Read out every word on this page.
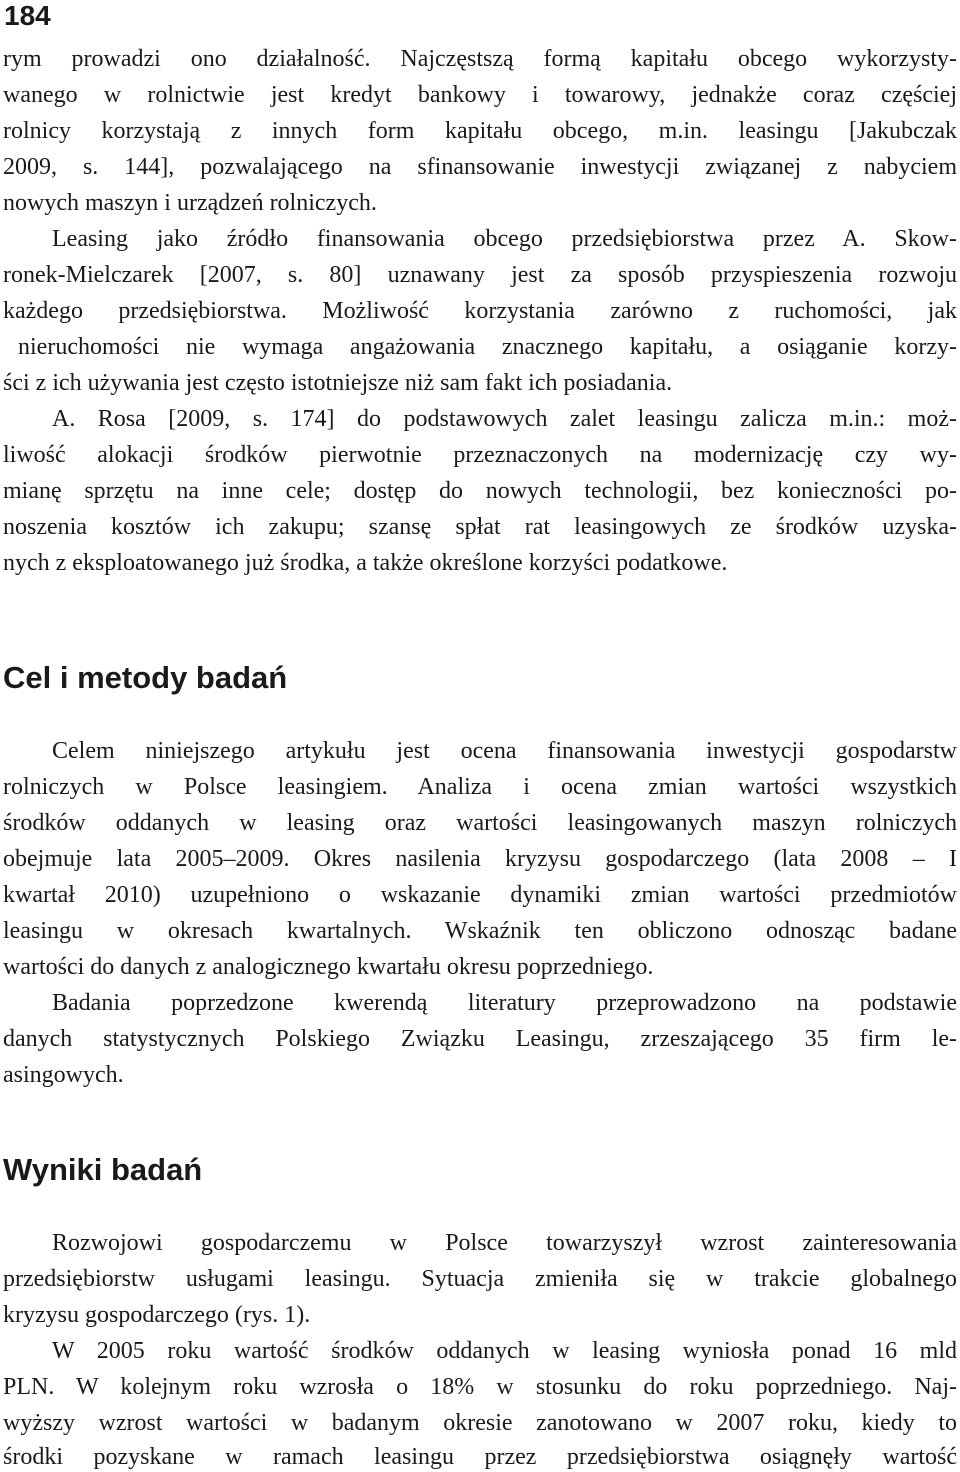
184
rym prowadzi ono działalność. Najczęstszą formą kapitału obcego wykorzysty-
wanego w rolnictwie jest kredyt bankowy i towarowy, jednakże coraz częściej
rolnicy korzystają z innych form kapitału obcego, m.in. leasingu [Jakubczak
2009, s. 144], pozwalającego na sfinansowanie inwestycji związanej z nabyciem
nowych maszyn i urządzeń rolniczych.
Leasing jako źródło finansowania obcego przedsiębiorstwa przez A. Skow-
ronek-Mielczarek [2007, s. 80] uznawany jest za sposób przyspieszenia rozwoju
każdego przedsiębiorstwa. Możliwość korzystania zarówno z ruchomości, jak
nieruchomości nie wymaga angażowania znacznego kapitału, a osiąganie korzy-
ści z ich używania jest często istotniejsze niż sam fakt ich posiadania.
A. Rosa [2009, s. 174] do podstawowych zalet leasingu zalicza m.in.: moż-
liwość alokacji środków pierwotnie przeznaczonych na modernizację czy wy-
mianę sprzętu na inne cele; dostęp do nowych technologii, bez konieczności po-
noszenia kosztów ich zakupu; szansę spłat rat leasingowych ze środków uzyska-
nych z eksploatowanego już środka, a także określone korzyści podatkowe.
Cel i metody badań
Celem niniejszego artykułu jest ocena finansowania inwestycji gospodarstw
rolniczych w Polsce leasingiem. Analiza i ocena zmian wartości wszystkich
środków oddanych w leasing oraz wartości leasingowanych maszyn rolniczych
obejmuje lata 2005–2009. Okres nasilenia kryzysu gospodarczego (lata 2008 – I
kwartał 2010) uzupełniono o wskazanie dynamiki zmian wartości przedmiotów
leasingu w okresach kwartalnych. Wskaźnik ten obliczono odnosząc badane
wartości do danych z analogicznego kwartału okresu poprzedniego.
Badania poprzedzone kwerendą literatury przeprowadzono na podstawie
danych statystycznych Polskiego Związku Leasingu, zrzeszającego 35 firm le-
asingowych.
Wyniki badań
Rozwojowi gospodarczemu w Polsce towarzyszył wzrost zainteresowania
przedsiębiorstw usługami leasingu. Sytuacja zmieniła się w trakcie globalnego
kryzysu gospodarczego (rys. 1).
W 2005 roku wartość środków oddanych w leasing wyniosła ponad 16 mld
PLN. W kolejnym roku wzrosła o 18% w stosunku do roku poprzedniego. Naj-
wyższy wzrost wartości w badanym okresie zanotowano w 2007 roku, kiedy to
środki pozyskane w ramach leasingu przez przedsiębiorstwa osiągnęły wartość
